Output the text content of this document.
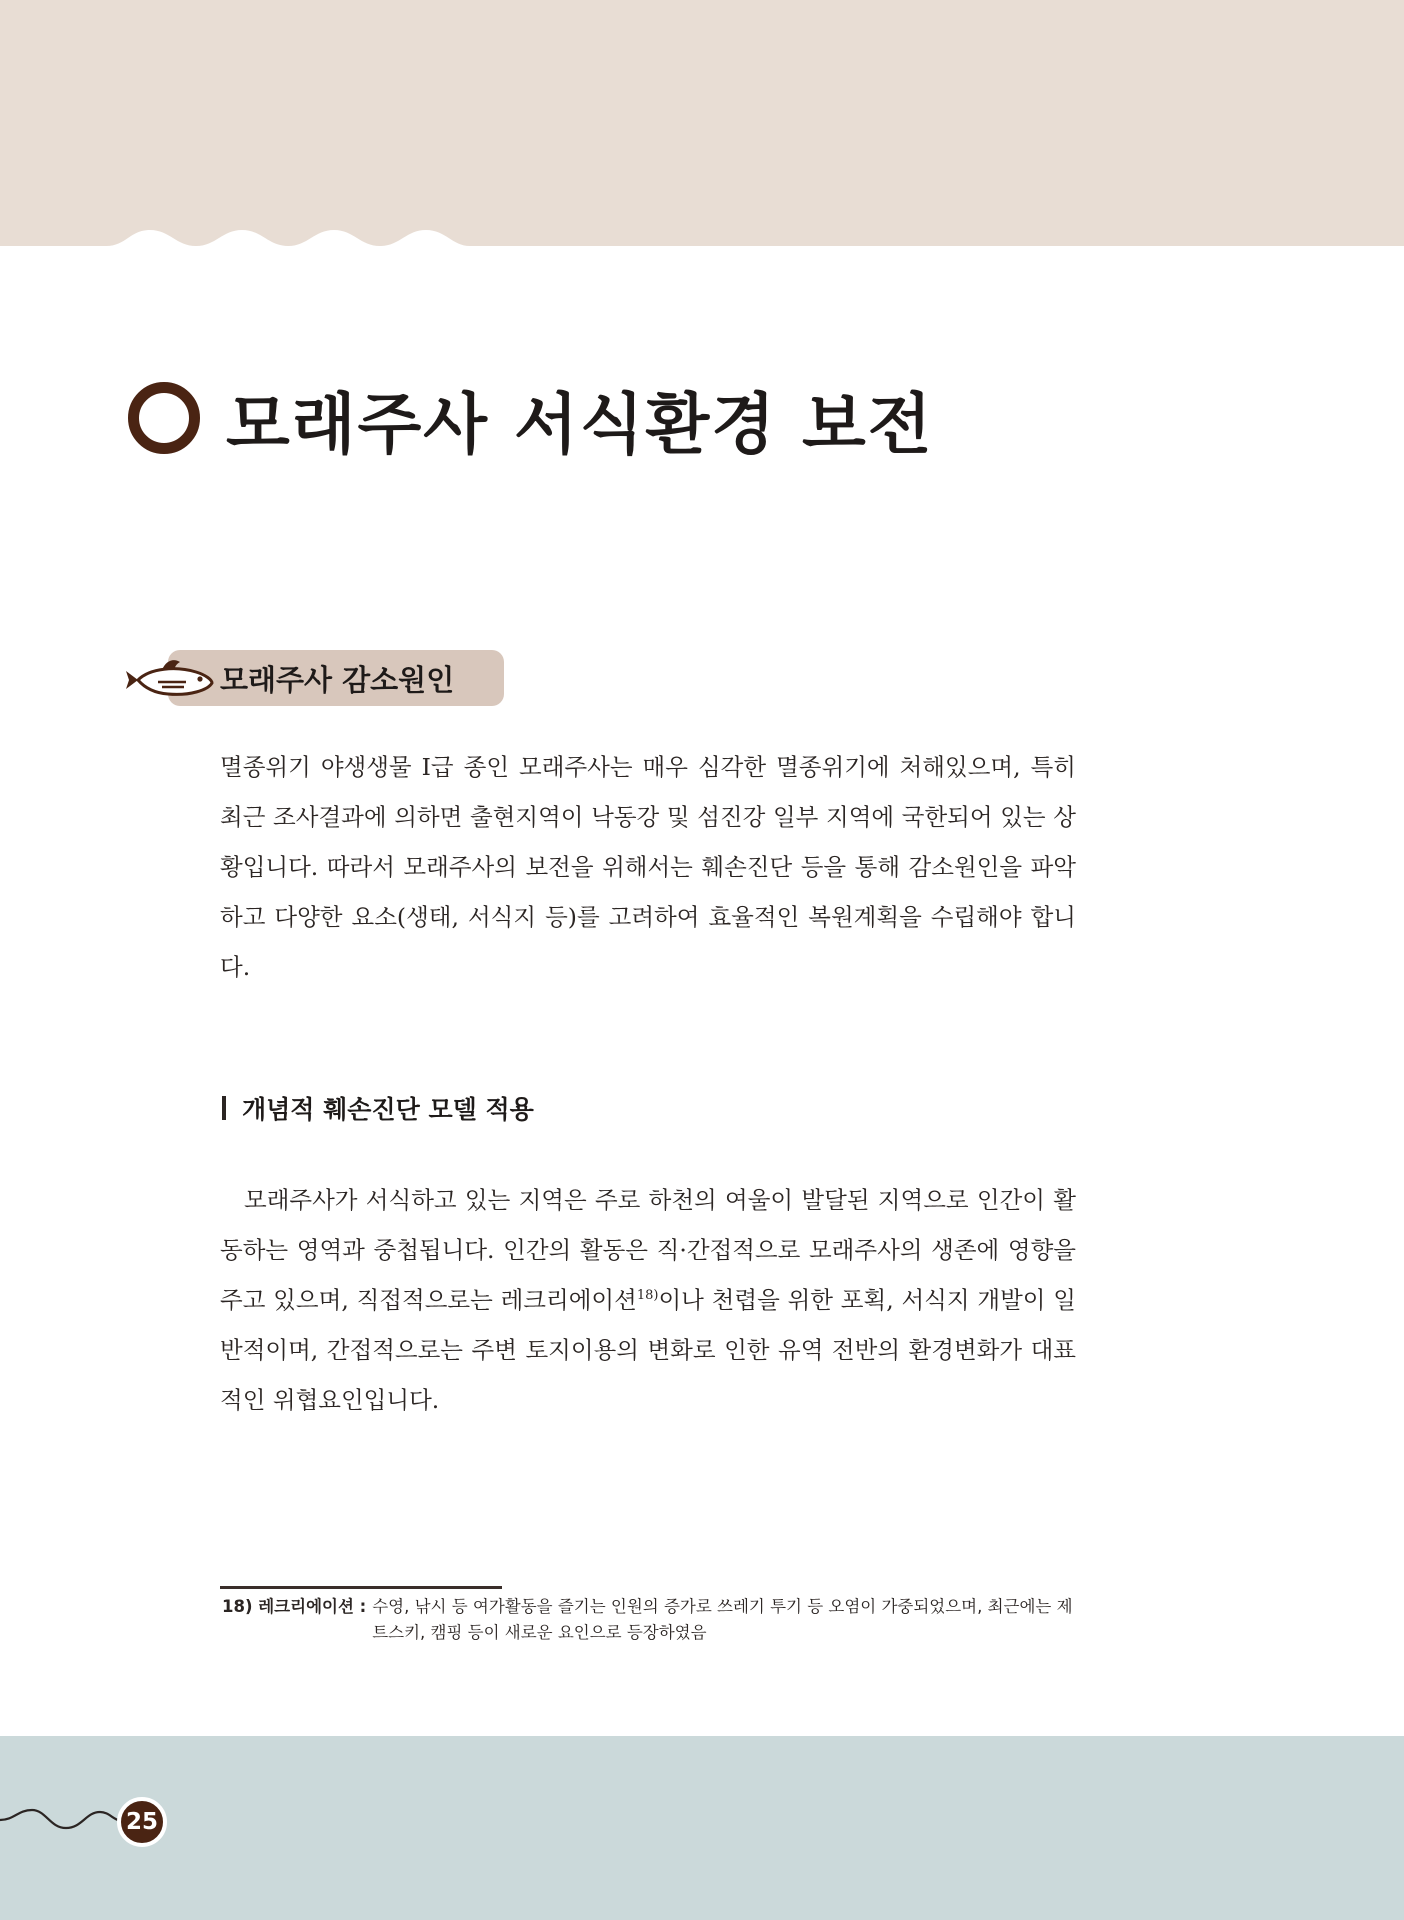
모래주사 서식환경 보전
모래주사 감소원인

멸종위기 야생생물 I급 종인 모래주사는 매우 심각한 멸종위기에 처해있으며, 특히 최근 조사결과에 의하면 출현지역이 낙동강 및 섬진강 일부 지역에 국한되어 있는 상황입니다. 따라서 모래주사의 보전을 위해서는 훼손진단 등을 통해 감소원인을 파악하고 다양한 요소(생태, 서식지 등)를 고려하여 효율적인 복원계획을 수립해야 합니다.

개념적 훼손진단 모델 적용

모래주사가 서식하고 있는 지역은 주로 하천의 여울이 발달된 지역으로 인간이 활동하는 영역과 중첩됩니다. 인간의 활동은 직·간접적으로 모래주사의 생존에 영향을 주고 있으며, 직접적으로는 레크리에이션$^{18)}$이나 천렵을 위한 포획, 서식지 개발이 일반적이며, 간접적으로는 주변 토지이용의 변화로 인한 유역 전반의 환경변화가 대표적인 위협요인입니다.

18) 레크리에이션 : 수영, 낚시 등 여가활동을 즐기는 인원의 증가로 쓰레기 투기 등 오염이 가중되었으며, 최근에는 제트스키, 캠핑 등이 새로운 요인으로 등장하였음
25
